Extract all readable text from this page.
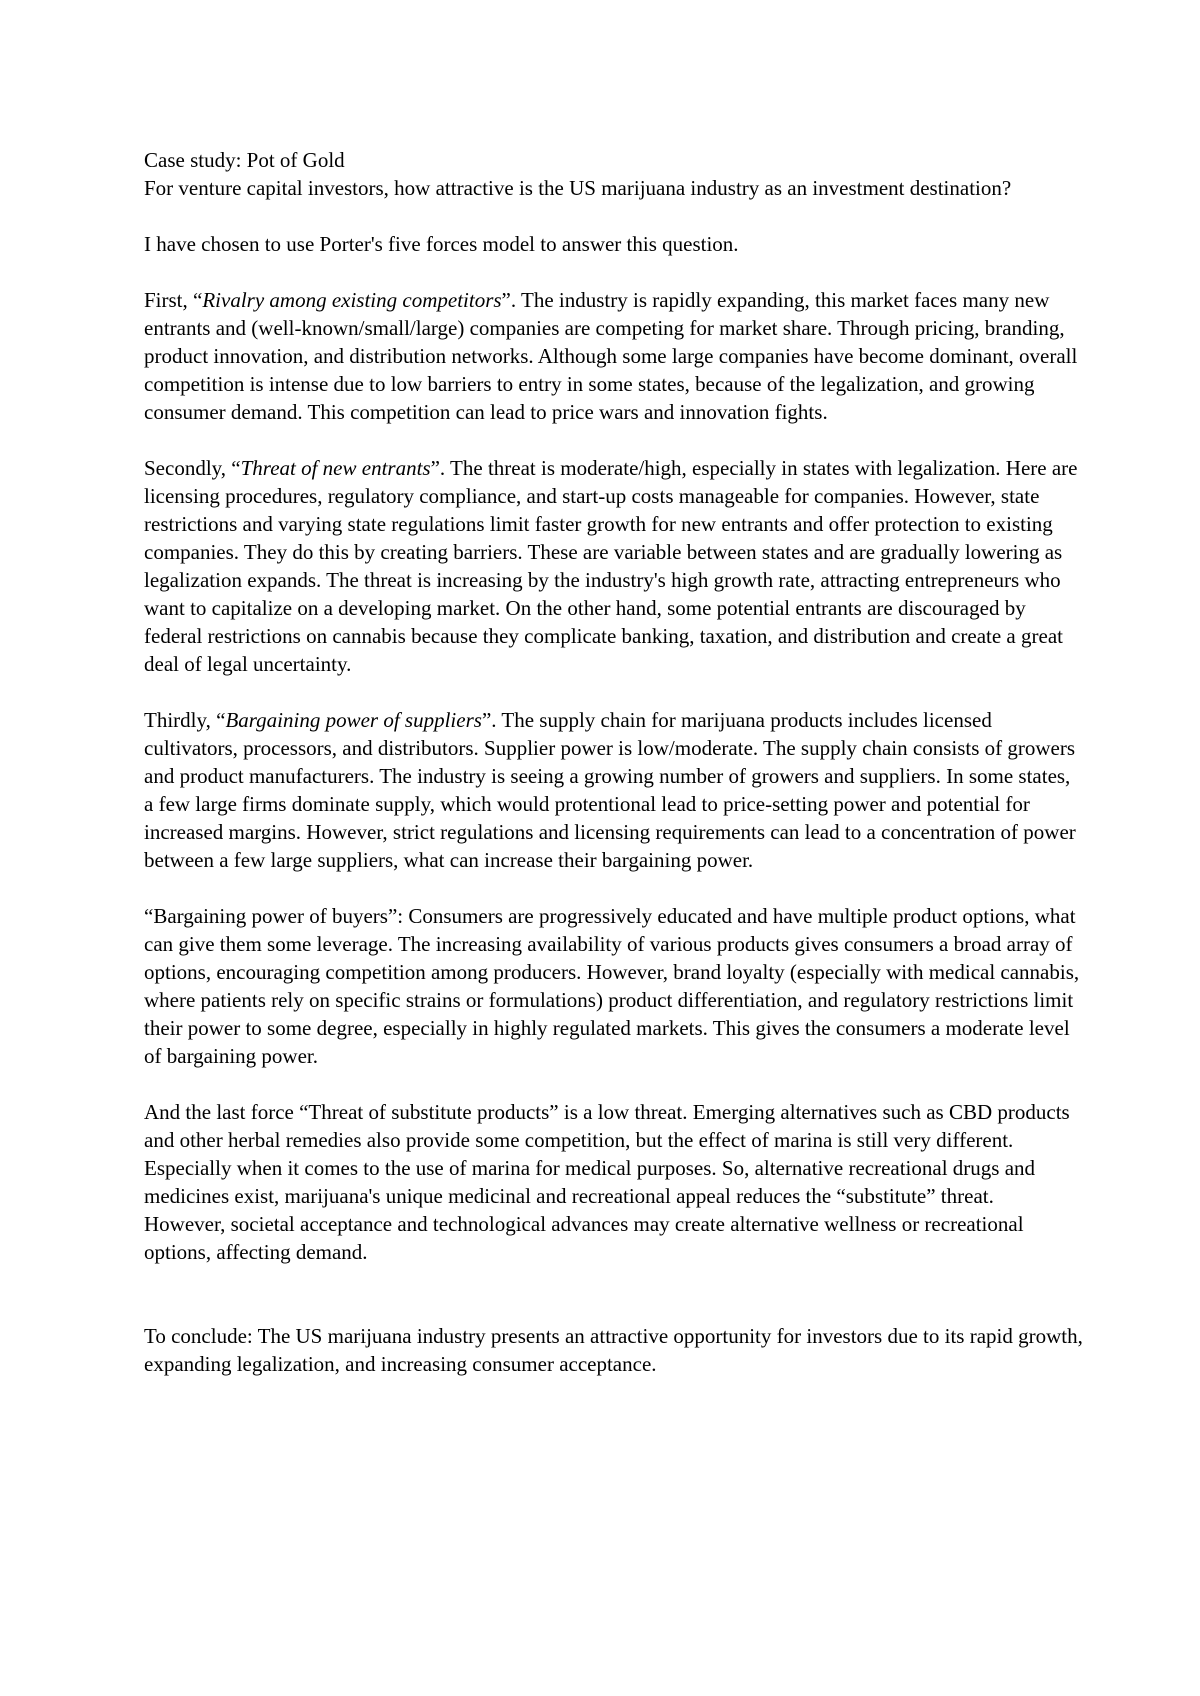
Case study: Pot of Gold

For venture capital investors, how attractive is the US marijuana industry as an investment destination?

I have chosen to use Porter's five forces model to answer this question.

First, “Rivalry among existing competitors”. The industry is rapidly expanding, this market faces many new entrants and (well-known/small/large) companies are competing for market share. Through pricing, branding, product innovation, and distribution networks. Although some large companies have become dominant, overall competition is intense due to low barriers to entry in some states, because of the legalization, and growing consumer demand. This competition can lead to price wars and innovation fights.

Secondly, “Threat of new entrants”. The threat is moderate/high, especially in states with legalization. Here are licensing procedures, regulatory compliance, and start-up costs manageable for companies. However, state restrictions and varying state regulations limit faster growth for new entrants and offer protection to existing companies. They do this by creating barriers. These are variable between states and are gradually lowering as legalization expands. The threat is increasing by the industry's high growth rate, attracting entrepreneurs who want to capitalize on a developing market. On the other hand, some potential entrants are discouraged by federal restrictions on cannabis because they complicate banking, taxation, and distribution and create a great deal of legal uncertainty.

Thirdly, “Bargaining power of suppliers”. The supply chain for marijuana products includes licensed cultivators, processors, and distributors. Supplier power is low/moderate. The supply chain consists of growers and product manufacturers. The industry is seeing a growing number of growers and suppliers. In some states, a few large firms dominate supply, which would protentional lead to price-setting power and potential for increased margins. However, strict regulations and licensing requirements can lead to a concentration of power between a few large suppliers, what can increase their bargaining power.

“Bargaining power of buyers”: Consumers are progressively educated and have multiple product options, what can give them some leverage. The increasing availability of various products gives consumers a broad array of options, encouraging competition among producers. However, brand loyalty (especially with medical cannabis, where patients rely on specific strains or formulations) product differentiation, and regulatory restrictions limit their power to some degree, especially in highly regulated markets. This gives the consumers a moderate level of bargaining power.

And the last force “Threat of substitute products” is a low threat. Emerging alternatives such as CBD products and other herbal remedies also provide some competition, but the effect of marina is still very different. Especially when it comes to the use of marina for medical purposes. So, alternative recreational drugs and medicines exist, marijuana's unique medicinal and recreational appeal reduces the “substitute” threat.

However, societal acceptance and technological advances may create alternative wellness or recreational options, affecting demand.

To conclude: The US marijuana industry presents an attractive opportunity for investors due to its rapid growth, expanding legalization, and increasing consumer acceptance.
